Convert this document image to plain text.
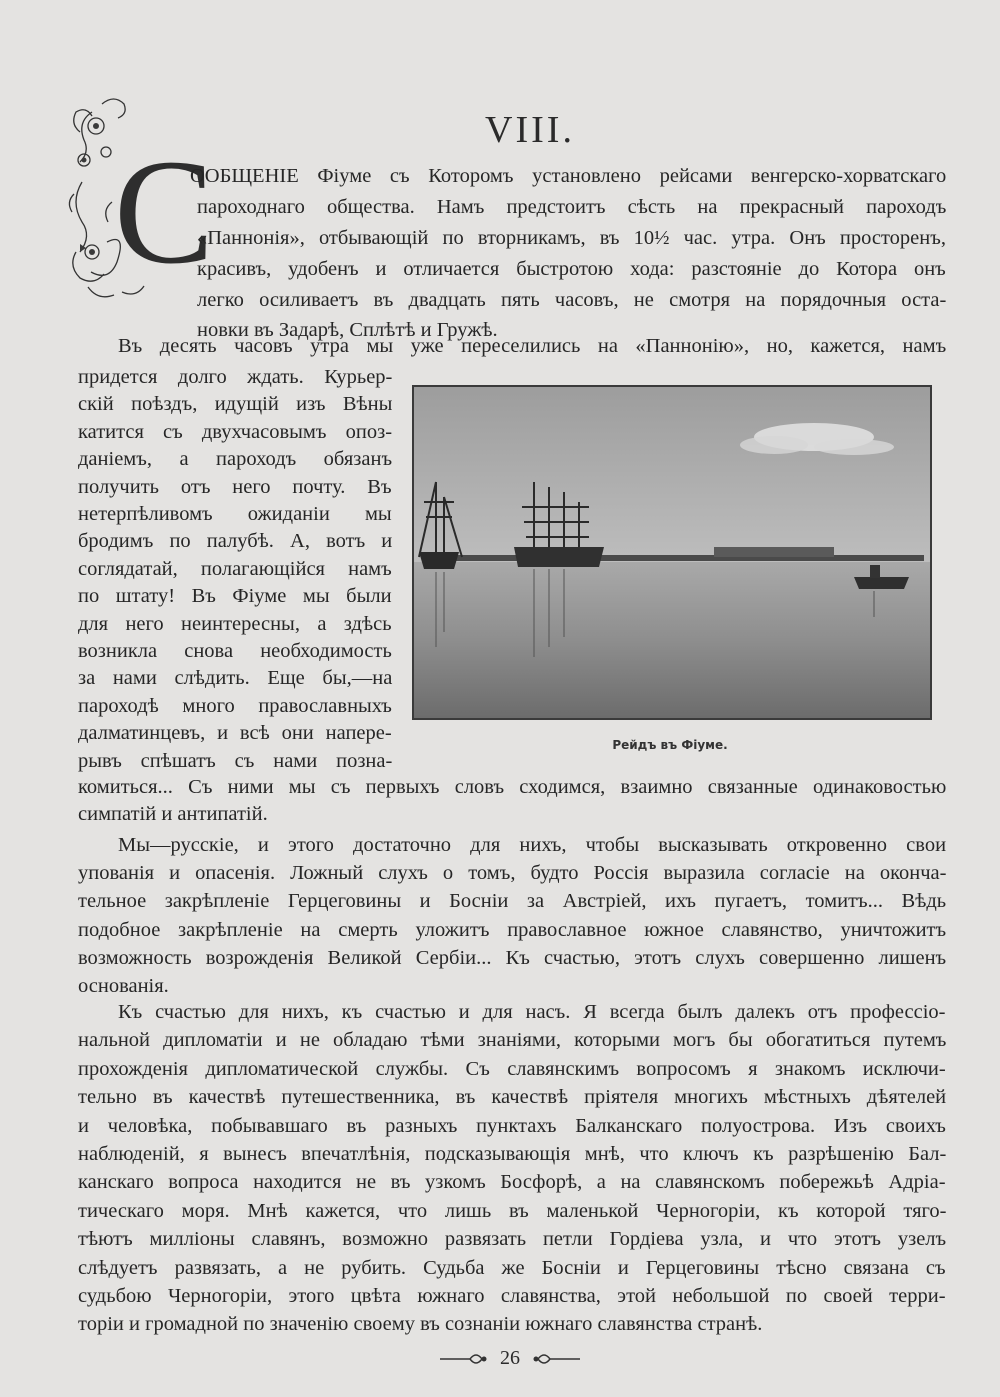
VIII.
С
ООБЩЕНІЕ Фіуме съ Которомъ установлено рейсами венгерско-хорватскаго
пароходнаго общества. Намъ предстоитъ сѣсть на прекрасный пароходъ
«Паннонія», отбывающій по вторникамъ, въ 10½ час. утра. Онъ просторенъ,
красивъ, удобенъ и отличается быстротою хода: разстояніе до Котора онъ
легко осиливаетъ въ двадцать пять часовъ, не смотря на порядочныя оста-
новки въ Задарѣ, Сплѣтѣ и Гружѣ.
Въ десять часовъ утра мы уже переселились на «Паннонію», но, кажется, намъ
придется долго ждать. Курьер-
скій поѣздъ, идущій изъ Вѣны
катится съ двухчасовымъ опоз-
даніемъ, а пароходъ обязанъ
получить отъ него почту. Въ
нетерпѣливомъ ожиданіи мы
бродимъ по палубѣ. А, вотъ и
соглядатай, полагающійся намъ
по штату! Въ Фіуме мы были
для него неинтересны, а здѣсь
возникла снова необходимость
за нами слѣдить. Еще бы,—на
пароходѣ много православныхъ
далматинцевъ, и всѣ они напере-
рывъ спѣшатъ съ нами позна-
комиться... Съ ними мы съ первыхъ словъ сходимся, взаимно связанные одинаковостью
симпатій и антипатій.
Мы—русскіе, и этого достаточно для нихъ, чтобы высказывать откровенно свои
упованія и опасенія. Ложный слухъ о томъ, будто Россія выразила согласіе на оконча-
тельное закрѣпленіе Герцеговины и Босніи за Австріей, ихъ пугаетъ, томитъ... Вѣдь
подобное закрѣпленіе на смерть уложитъ православное южное славянство, уничтожитъ
возможность возрожденія Великой Сербіи... Къ счастью, этотъ слухъ совершенно лишенъ
основанія.
Къ счастью для нихъ, къ счастью и для насъ. Я всегда былъ далекъ отъ профессіо-
нальной дипломатіи и не обладаю тѣми знаніями, которыми могъ бы обогатиться путемъ
прохожденія дипломатической службы. Съ славянскимъ вопросомъ я знакомъ исключи-
тельно въ качествѣ путешественника, въ качествѣ пріятеля многихъ мѣстныхъ дѣятелей
и человѣка, побывавшаго въ разныхъ пунктахъ Балканскаго полуострова. Изъ своихъ
наблюденій, я вынесъ впечатлѣнія, подсказывающія мнѣ, что ключъ къ разрѣшенію Бал-
канскаго вопроса находится не въ узкомъ Босфорѣ, а на славянскомъ побережьѣ Адріа-
тическаго моря. Мнѣ кажется, что лишь въ маленькой Черногоріи, къ которой тяго-
тѣютъ милліоны славянъ, возможно развязать петли Гордіева узла, и что этотъ узелъ
слѣдуетъ развязать, а не рубить. Судьба же Босніи и Герцеговины тѣсно связана съ
судьбою Черногоріи, этого цвѣта южнаго славянства, этой небольшой по своей терри-
торіи и громадной по значенію своему въ сознаніи южнаго славянства странѣ.
Рейдъ въ Фіуме.
26
